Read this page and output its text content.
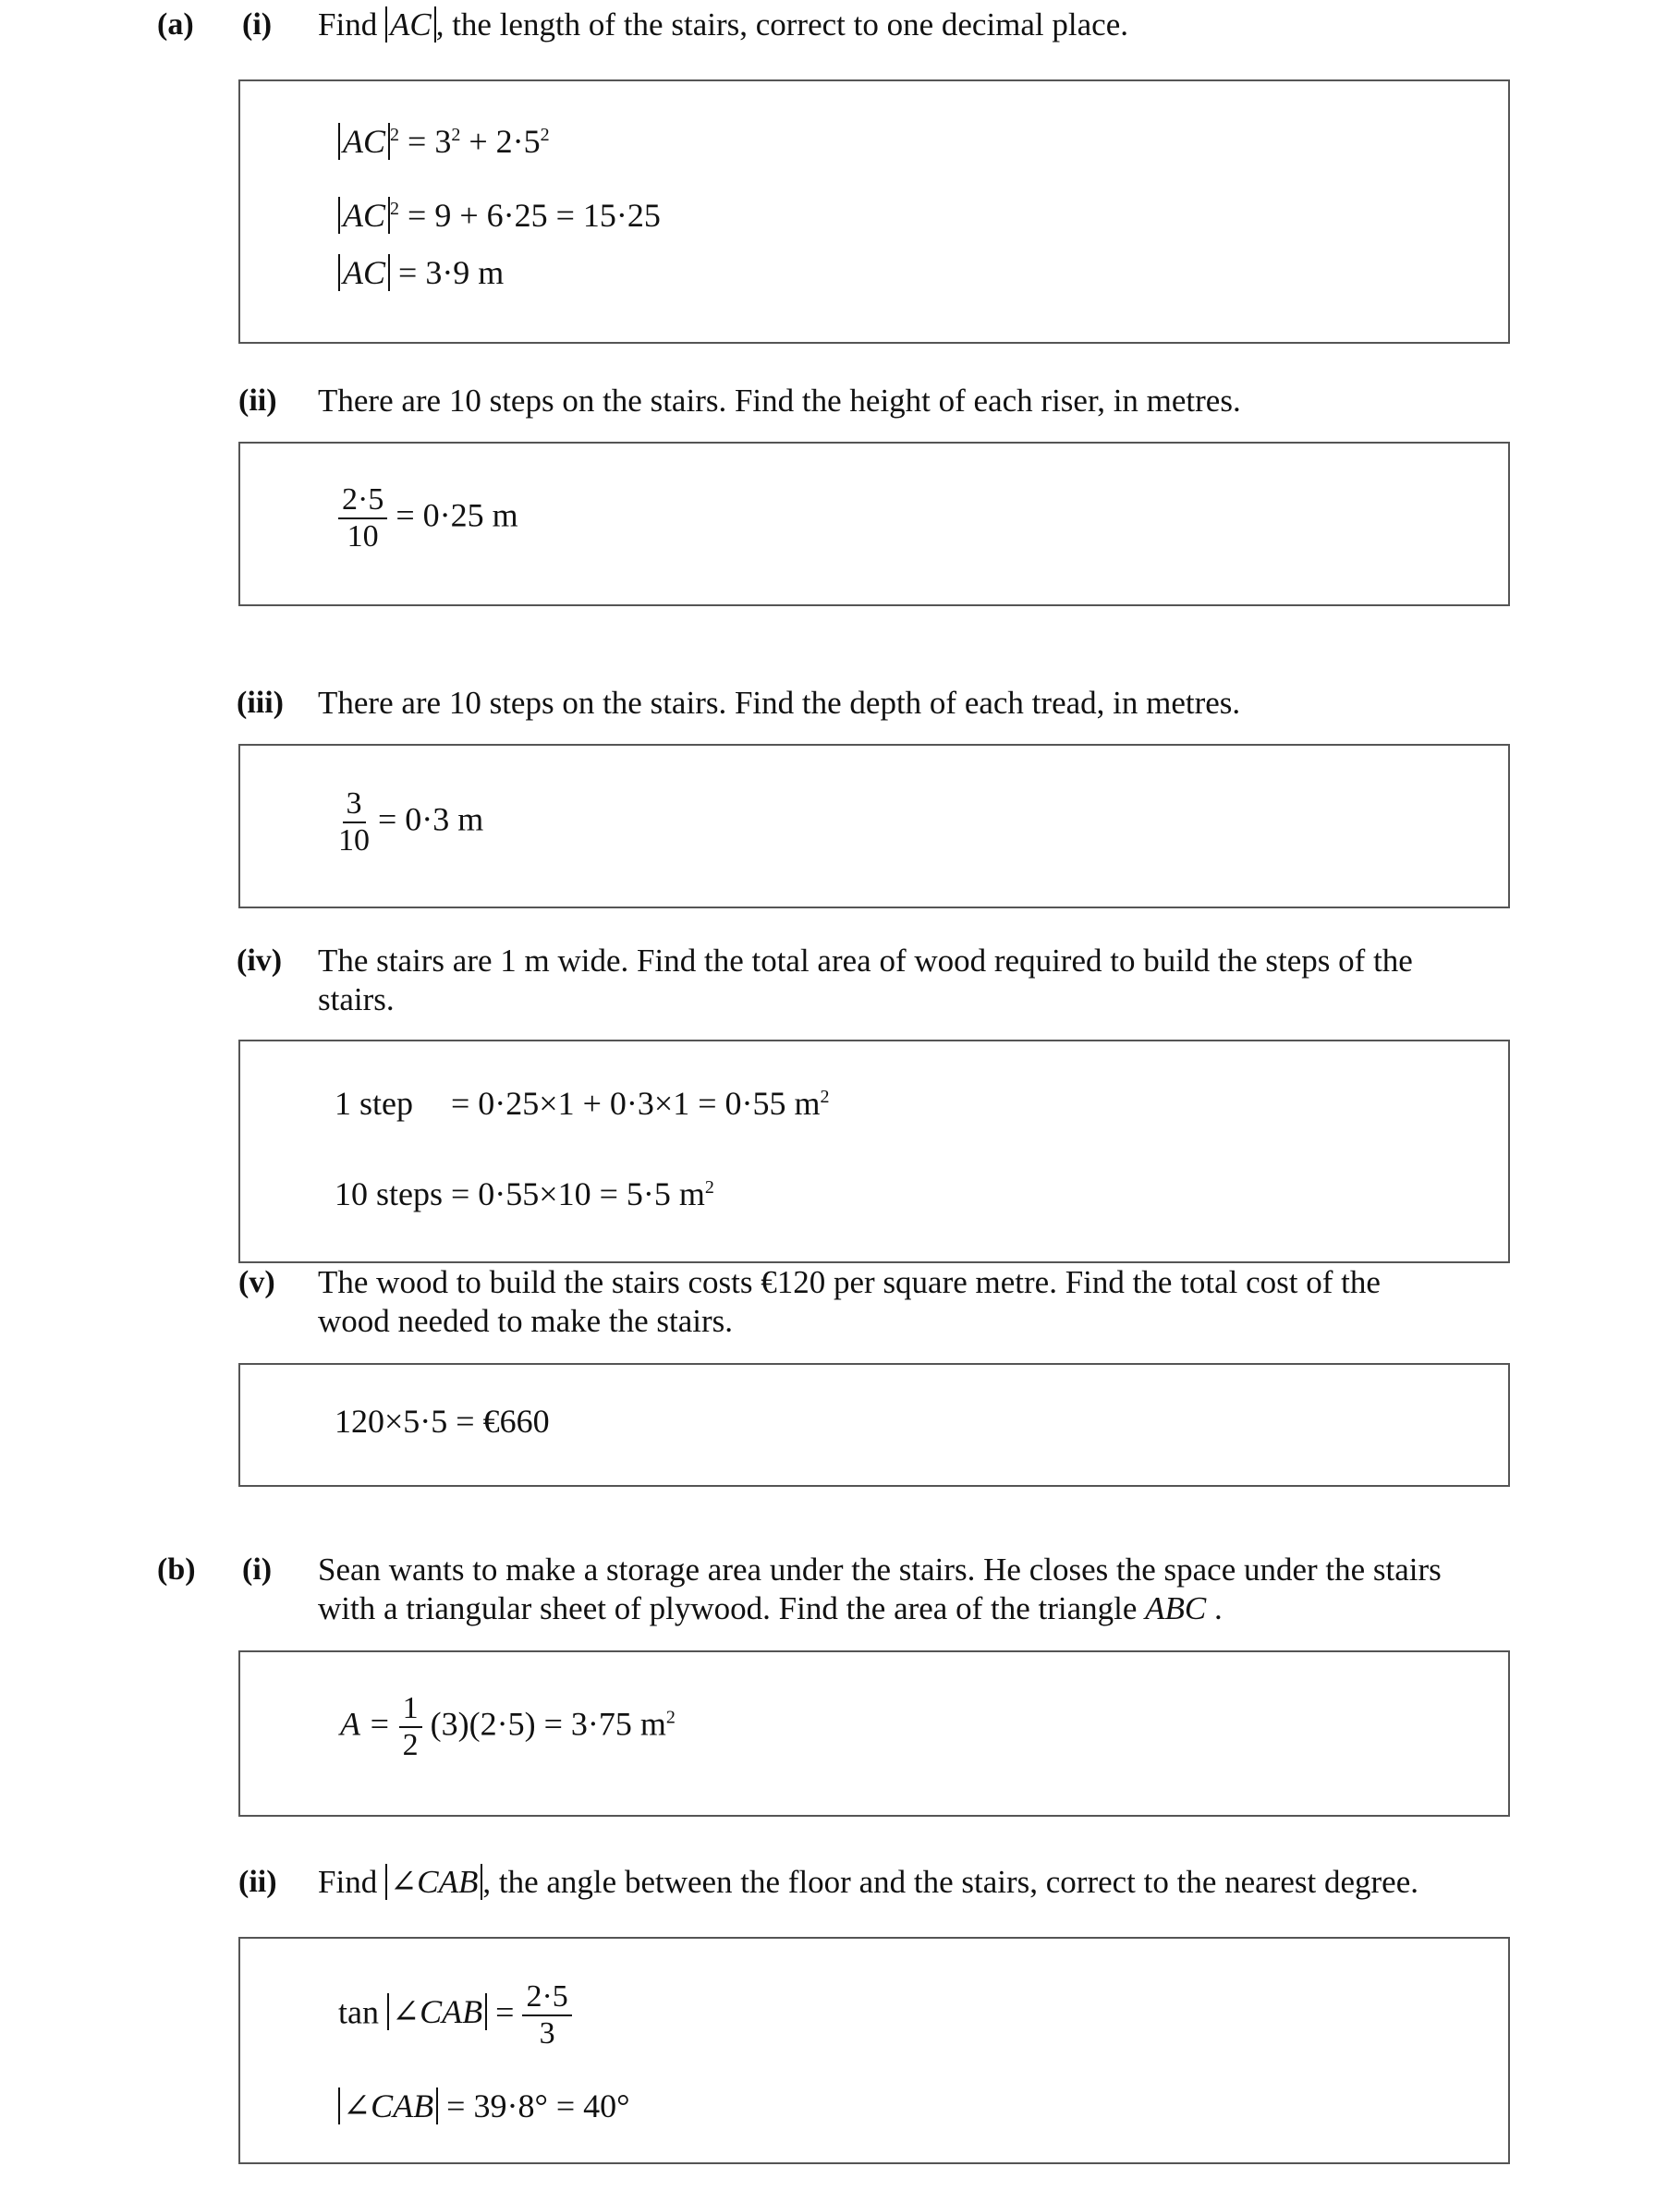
(a) (i) Find AC , the length of the stairs, correct to one decimal place.
AC $^2 = 3^2 + 2\cdot 5^2$
AC $^2$ = 9 + 6·25 = 15·25
AC = 3·9 m
(ii) There are 10 steps on the stairs. Find the height of each riser, in metres.
$\frac{2\cdot 5}{10} = 0\cdot 25$ m
(iii) There are 10 steps on the stairs. Find the depth of each tread, in metres.
$\frac{3}{10} = 0\cdot 3$ m
(iv) The stairs are 1 m wide. Find the total area of wood required to build the steps of the
stairs.
1 step = 0·25×1 + 0·3×1 = 0·55 $m^2$
10 steps = 0·55×10 = 5·5 $m^2$
(v) The wood to build the stairs costs €120 per square metre. Find the total cost of the
wood needed to make the stairs.
120×5·5 = €660
(b) (i) Sean wants to make a storage area under the stairs. He closes the space under the stairs
with a triangular sheet of plywood. Find the area of the triangle ABC .
$A = \frac{1}{2} (3)(2\cdot 5) = 3\cdot 75$ $m^2$
(ii) Find ∠CAB , the angle between the floor and the stairs, correct to the nearest degree.
tan ∠CAB = $\frac{2\cdot 5}{3}$
∠CAB = 39·8° = 40°
